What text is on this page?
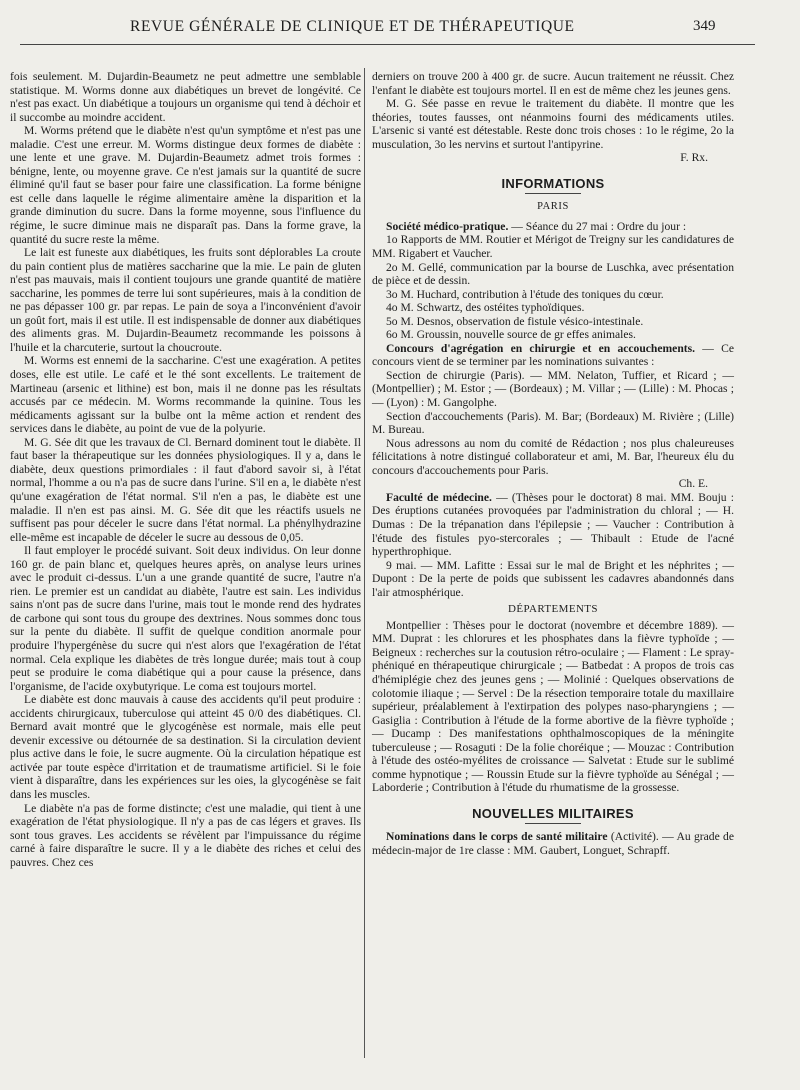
REVUE GÉNÉRALE DE CLINIQUE ET DE THÉRAPEUTIQUE	349

fois seulement. M. Dujardin-Beaumetz ne peut admettre une semblable statistique. M. Worms donne aux diabétiques un brevet de longévité. Ce n'est pas exact. Un diabétique a toujours un organisme qui tend à déchoir et il succombe au moindre accident.

M. Worms prétend que le diabète n'est qu'un symptôme et n'est pas une maladie. C'est une erreur. M. Worms distingue deux formes de diabète : une lente et une grave. M. Dujardin-Beaumetz admet trois formes : bénigne, lente, ou moyenne grave. Ce n'est jamais sur la quantité de sucre éliminé qu'il faut se baser pour faire une classification. La forme bénigne est celle dans laquelle le régime alimentaire amène la disparition et la grande diminution du sucre. Dans la forme moyenne, sous l'influence du régime, le sucre diminue mais ne disparaît pas. Dans la forme grave, la quantité du sucre reste la même.

Le lait est funeste aux diabétiques, les fruits sont déplorables La croute du pain contient plus de matières saccharine que la mie. Le pain de gluten n'est pas mauvais, mais il contient toujours une grande quantité de matière saccharine, les pommes de terre lui sont supérieures, mais à la condition de ne pas dépasser 100 gr. par repas. Le pain de soya a l'inconvénient d'avoir un goût fort, mais il est utile. Il est indispensable de donner aux diabétiques des aliments gras. M. Dujardin-Beaumetz recommande les poissons à l'huile et la charcuterie, surtout la choucroute.

M. Worms est ennemi de la saccharine. C'est une exagération. A petites doses, elle est utile. Le café et le thé sont excellents. Le traitement de Martineau (arsenic et lithine) est bon, mais il ne donne pas les résultats accusés par ce médecin. M. Worms recommande la quinine. Tous les médicaments agissant sur la bulbe ont la même action et rendent des services dans le diabète, au point de vue de la polyurie.

M. G. Sée dit que les travaux de Cl. Bernard dominent tout le diabète. Il faut baser la thérapeutique sur les données physiologiques. Il y a, dans le diabète, deux questions primordiales : il faut d'abord savoir si, à l'état normal, l'homme a ou n'a pas de sucre dans l'urine. S'il en a, le diabète n'est qu'une exagération de l'état normal. S'il n'en a pas, le diabète est une maladie. Il n'en est pas ainsi. M. G. Sée dit que les réactifs usuels ne suffisent pas pour déceler le sucre dans l'état normal. La phénylhydrazine elle-même est incapable de déceler le sucre au dessous de 0,05.

Il faut employer le procédé suivant. Soit deux individus. On leur donne 160 gr. de pain blanc et, quelques heures après, on analyse leurs urines avec le produit ci-dessus. L'un a une grande quantité de sucre, l'autre n'a rien. Le premier est un candidat au diabète, l'autre est sain. Les individus sains n'ont pas de sucre dans l'urine, mais tout le monde rend des hydrates de carbone qui sont tous du groupe des dextrines. Nous sommes donc tous sur la pente du diabète. Il suffit de quelque condition anormale pour produire l'hypergénèse du sucre qui n'est alors que l'exagération de l'état normal. Cela explique les diabètes de très longue durée; mais tout à coup peut se produire le coma diabétique qui a pour cause la présence, dans l'organisme, de l'acide oxybutyrique. Le coma est toujours mortel.

Le diabète est donc mauvais à cause des accidents qu'il peut produire : accidents chirurgicaux, tuberculose qui atteint 45 0/0 des diabétiques. Cl. Bernard avait montré que le glycogénèse est normale, mais elle peut devenir excessive ou détournée de sa destination. Si la circulation devient plus active dans le foie, le sucre augmente. Où la circulation hépatique est activée par toute espèce d'irritation et de traumatisme artificiel. Si le foie vient à disparaître, dans les expériences sur les oies, la glycogénèse se fait dans les muscles.

Le diabète n'a pas de forme distincte; c'est une maladie, qui tient à une exagération de l'état physiologique. Il n'y a pas de cas légers et graves. Ils sont tous graves. Les accidents se révèlent par l'impuissance du régime carné à faire disparaître le sucre. Il y a le diabète des riches et celui des pauvres. Chez ces

derniers on trouve 200 à 400 gr. de sucre. Aucun traitement ne réussit. Chez l'enfant le diabète est toujours mortel. Il en est de même chez les jeunes gens.

M. G. Sée passe en revue le traitement du diabète. Il montre que les théories, toutes fausses, ont néanmoins fourni des médicaments utiles. L'arsenic si vanté est détestable. Reste donc trois choses : 1o le régime, 2o la musculation, 3o les nervins et surtout l'antipyrine.

F. Rx.

INFORMATIONS
PARIS

Société médico-pratique. — Séance du 27 mai : Ordre du jour :

1o Rapports de MM. Routier et Mérigot de Treigny sur les candidatures de MM. Rigabert et Vaucher.

2o M. Gellé, communication par la bourse de Luschka, avec présentation de pièce et de dessin.

3o M. Huchard, contribution à l'étude des toniques du cœur.

4o M. Schwartz, des ostéites typhoïdiques.

5o M. Desnos, observation de fistule vésico-intestinale.

6o M. Groussin, nouvelle source de gr effes animales.

Concours d'agrégation en chirurgie et en accouchements. — Ce concours vient de se terminer par les nominations suivantes :

Section de chirurgie (Paris). — MM. Nelaton, Tuffier, et Ricard ; — (Montpellier) ; M. Estor ; — (Bordeaux) ; M. Villar ; — (Lille) : M. Phocas ; — (Lyon) : M. Gangolphe.

Section d'accouchements (Paris). M. Bar; (Bordeaux) M. Rivière ; (Lille) M. Bureau.

Nous adressons au nom du comité de Rédaction ; nos plus chaleureuses félicitations à notre distingué collaborateur et ami, M. Bar, l'heureux élu du concours d'accouchements pour Paris.

Ch. E.

Faculté de médecine. — (Thèses pour le doctorat) 8 mai. MM. Bouju : Des éruptions cutanées provoquées par l'administration du chloral ; — H. Dumas : De la trépanation dans l'épilepsie ; — Vaucher : Contribution à l'étude des fistules pyo-stercorales ; — Thibault : Etude de l'acné hyperthrophique.

9 mai. — MM. Lafitte : Essai sur le mal de Bright et les néphrites ; — Dupont : De la perte de poids que subissent les cadavres abandonnés dans l'air atmosphérique.

DÉPARTEMENTS

Montpellier : Thèses pour le doctorat (novembre et décembre 1889). — MM. Duprat : les chlorures et les phosphates dans la fièvre typhoïde ; — Beigneux : recherches sur la coutusion rétro-oculaire ; — Flament : Le spray-phéniqué en thérapeutique chirurgicale ; — Batbedat : A propos de trois cas d'hémiplégie chez des jeunes gens ; — Molinié : Quelques observations de colotomie iliaque ; — Servel : De la résection temporaire totale du maxillaire supérieur, préalablement à l'extirpation des polypes naso-pharyngiens ; — Gasiglia : Contribution à l'étude de la forme abortive de la fièvre typhoïde ; — Ducamp : Des manifestations ophthalmoscopiques de la méningite tuberculeuse ; — Rosaguti : De la folie choréique ; — Mouzac : Contribution à l'étude des ostéo-myélites de croissance — Salvetat : Etude sur le sublimé comme hypnotique ; — Roussin Etude sur la fièvre typhoïde au Sénégal ; — Laborderie ; Contribution à l'étude du rhumatisme de la grossesse.

NOUVELLES MILITAIRES

Nominations dans le corps de santé militaire (Activité). — Au grade de médecin-major de 1re classe : MM. Gaubert, Longuet, Schrapff.
